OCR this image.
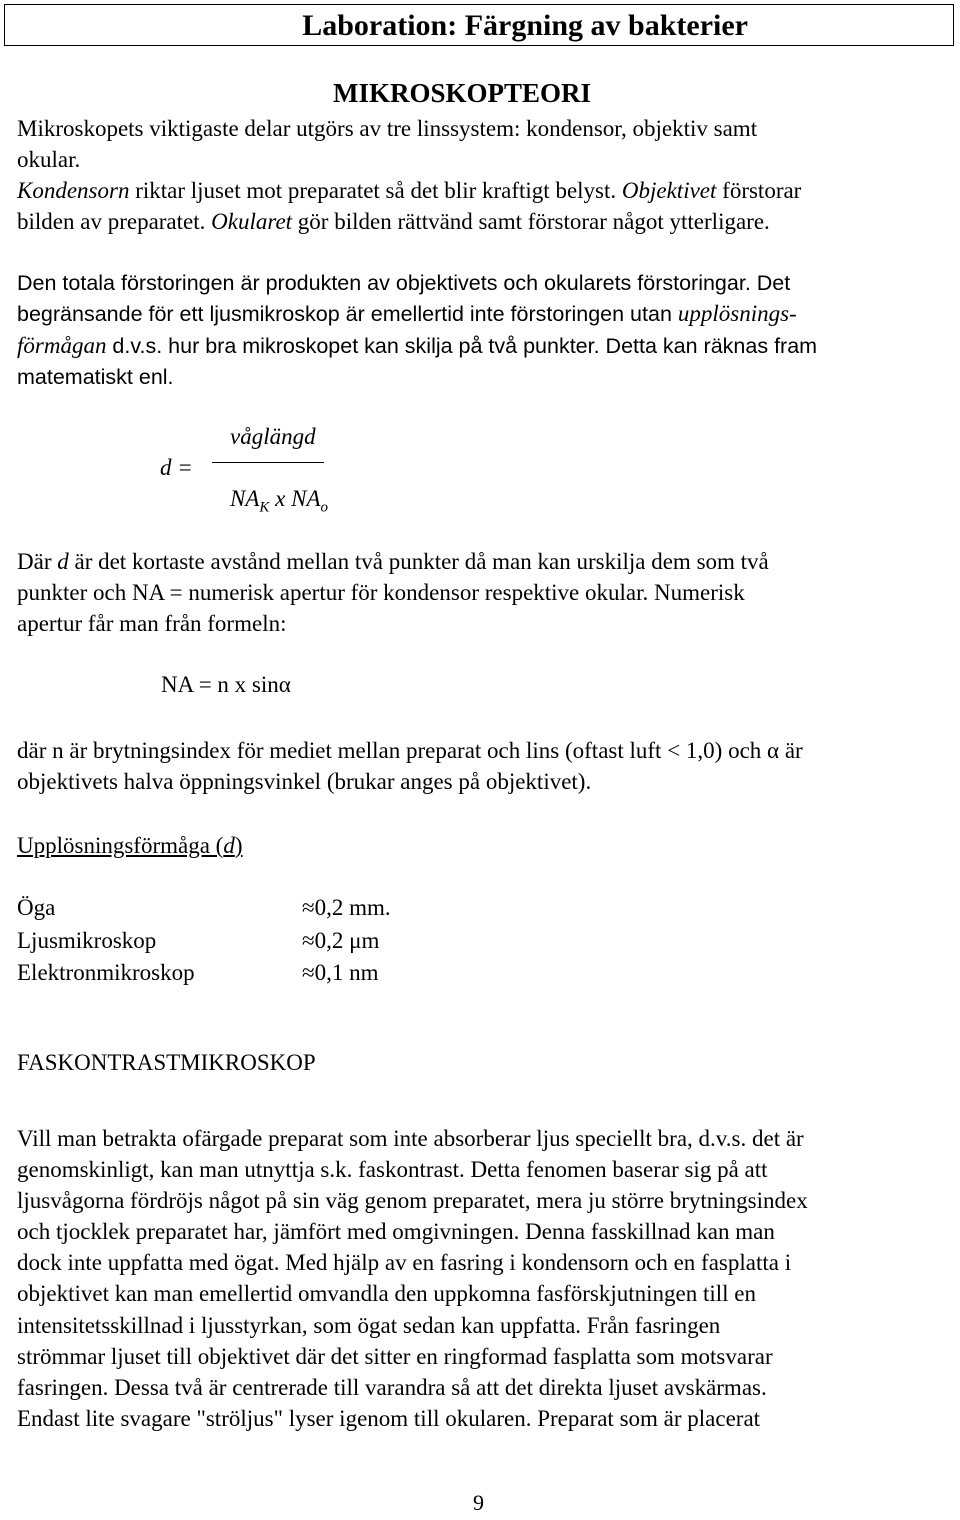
Laboration: Färgning av bakterier
MIKROSKOPTEORI
Mikroskopets viktigaste delar utgörs av tre linssystem: kondensor, objektiv samt
okular.
Kondensorn riktar ljuset mot preparatet så det blir kraftigt belyst. Objektivet förstorar
bilden av preparatet. Okularet gör bilden rättvänd samt förstorar något ytterligare.
Den totala förstoringen är produkten av objektivets och okularets förstoringar. Det
begränsande för ett ljusmikroskop är emellertid inte förstoringen utan upplösnings-
förmågan d.v.s. hur bra mikroskopet kan skilja på två punkter. Detta kan räknas fram
matematiskt enl.
d =
våglängd
$NA_K$ x $NA_o$
Där d är det kortaste avstånd mellan två punkter då man kan urskilja dem som två
punkter och NA = numerisk apertur för kondensor respektive okular. Numerisk
apertur får man från formeln:
NA = n x sinα
där n är brytningsindex för mediet mellan preparat och lins (oftast luft < 1,0) och α är
objektivets halva öppningsvinkel (brukar anges på objektivet).
Upplösningsförmåga (d)
Öga	≈0,2 mm.
Ljusmikroskop	≈0,2 μm
Elektronmikroskop	≈0,1 nm
FASKONTRASTMIKROSKOP
Vill man betrakta ofärgade preparat som inte absorberar ljus speciellt bra, d.v.s. det är
genomskinligt, kan man utnyttja s.k. faskontrast. Detta fenomen baserar sig på att
ljusvågorna fördröjs något på sin väg genom preparatet, mera ju större brytningsindex
och tjocklek preparatet har, jämfört med omgivningen. Denna fasskillnad kan man
dock inte uppfatta med ögat. Med hjälp av en fasring i kondensorn och en fasplatta i
objektivet kan man emellertid omvandla den uppkomna fasförskjutningen till en
intensitetsskillnad i ljusstyrkan, som ögat sedan kan uppfatta. Från fasringen
strömmar ljuset till objektivet där det sitter en ringformad fasplatta som motsvarar
fasringen. Dessa två är centrerade till varandra så att det direkta ljuset avskärmas.
Endast lite svagare "ströljus" lyser igenom till okularen. Preparat som är placerat
9
